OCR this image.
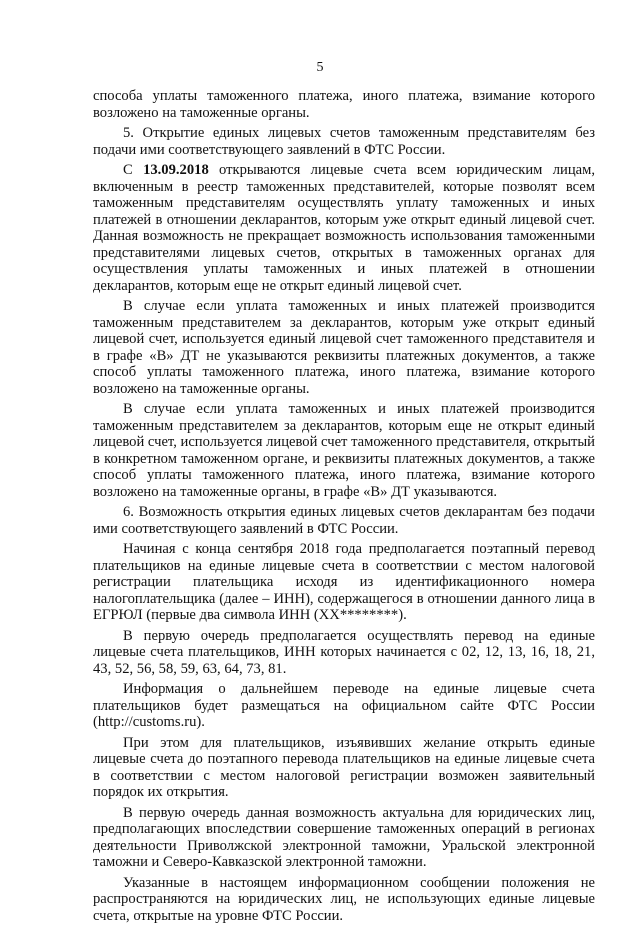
5

способа уплаты таможенного платежа, иного платежа, взимание которого возложено на таможенные органы.

5. Открытие единых лицевых счетов таможенным представителям без подачи ими соответствующего заявлений в ФТС России.

С 13.09.2018 открываются лицевые счета всем юридическим лицам, включенным в реестр таможенных представителей, которые позволят всем таможенным представителям осуществлять уплату таможенных и иных платежей в отношении декларантов, которым уже открыт единый лицевой счет. Данная возможность не прекращает возможность использования таможенными представителями лицевых счетов, открытых в таможенных органах для осуществления уплаты таможенных и иных платежей в отношении декларантов, которым еще не открыт единый лицевой счет.

В случае если уплата таможенных и иных платежей производится таможенным представителем за декларантов, которым уже открыт единый лицевой счет, используется единый лицевой счет таможенного представителя и в графе «В» ДТ не указываются реквизиты платежных документов, а также способ уплаты таможенного платежа, иного платежа, взимание которого возложено на таможенные органы.

В случае если уплата таможенных и иных платежей производится таможенным представителем за декларантов, которым еще не открыт единый лицевой счет, используется лицевой счет таможенного представителя, открытый в конкретном таможенном органе, и реквизиты платежных документов, а также способ уплаты таможенного платежа, иного платежа, взимание которого возложено на таможенные органы, в графе «В» ДТ указываются.

6. Возможность открытия единых лицевых счетов декларантам без подачи ими соответствующего заявлений в ФТС России.

Начиная с конца сентября 2018 года предполагается поэтапный перевод плательщиков на единые лицевые счета в соответствии с местом налоговой регистрации плательщика исходя из идентификационного номера налогоплательщика (далее – ИНН), содержащегося в отношении данного лица в ЕГРЮЛ (первые два символа ИНН (XX********).

В первую очередь предполагается осуществлять перевод на единые лицевые счета плательщиков, ИНН которых начинается с 02, 12, 13, 16, 18, 21, 43, 52, 56, 58, 59, 63, 64, 73, 81.

Информация о дальнейшем переводе на единые лицевые счета плательщиков будет размещаться на официальном сайте ФТС России (http://customs.ru).

При этом для плательщиков, изъявивших желание открыть единые лицевые счета до поэтапного перевода плательщиков на единые лицевые счета в соответствии с местом налоговой регистрации возможен заявительный порядок их открытия.

В первую очередь данная возможность актуальна для юридических лиц, предполагающих впоследствии совершение таможенных операций в регионах деятельности Приволжской электронной таможни, Уральской электронной таможни и Северо-Кавказской электронной таможни.

Указанные в настоящем информационном сообщении положения не распространяются на юридических лиц, не использующих единые лицевые счета, открытые на уровне ФТС России.
